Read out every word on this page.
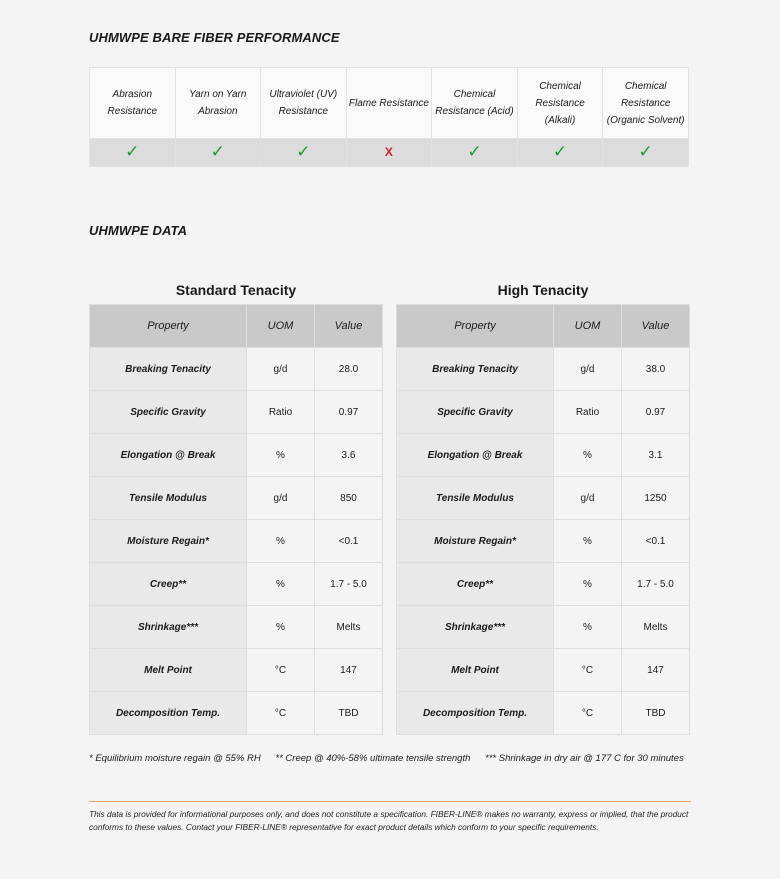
UHMWPE BARE FIBER PERFORMANCE
Abrasion Resistance	Yarn on Yarn Abrasion	Ultraviolet (UV) Resistance	Flame Resistance	Chemical Resistance (Acid)	Chemical Resistance (Alkali)	Chemical Resistance (Organic Solvent)
✓	✓	✓	X	✓	✓	✓
UHMWPE DATA
Standard Tenacity
Property	UOM	Value
Breaking Tenacity	g/d	28.0
Specific Gravity	Ratio	0.97
Elongation @ Break	%	3.6
Tensile Modulus	g/d	850
Moisture Regain*	%	<0.1
Creep**	%	1.7 - 5.0
Shrinkage***	%	Melts
Melt Point	°C	147
Decomposition Temp.	°C	TBD
High Tenacity
Property	UOM	Value
Breaking Tenacity	g/d	38.0
Specific Gravity	Ratio	0.97
Elongation @ Break	%	3.1
Tensile Modulus	g/d	1250
Moisture Regain*	%	<0.1
Creep**	%	1.7 - 5.0
Shrinkage***	%	Melts
Melt Point	°C	147
Decomposition Temp.	°C	TBD
* Equilibrium moisture regain @ 55% RH ** Creep @ 40%-58% ultimate tensile strength *** Shrinkage in dry air @ 177 C for 30 minutes
This data is provided for informational purposes only, and does not constitute a specification. FIBER-LINE® makes no warranty, express or implied, that the product conforms to these values. Contact your FIBER-LINE® representative for exact product details which conform to your specific requirements.
